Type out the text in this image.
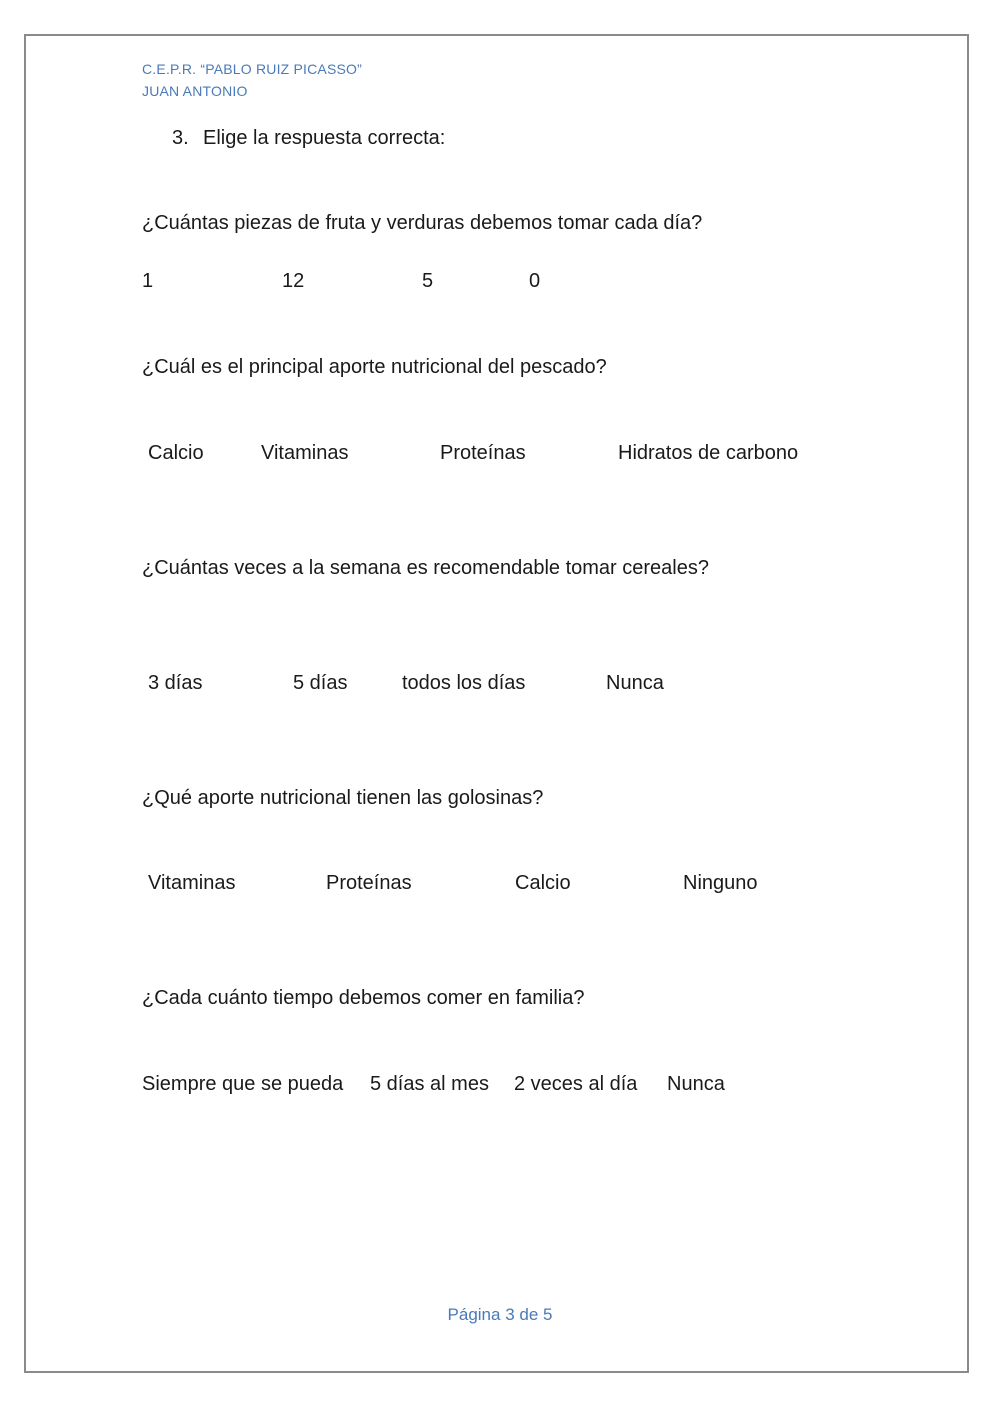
C.E.P.R. “PABLO RUIZ PICASSO”
JUAN ANTONIO
3. Elige la respuesta correcta:
¿Cuántas piezas de fruta y verduras debemos tomar cada día?
1	12	5	0
¿Cuál es el principal aporte nutricional del pescado?
Calcio	Vitaminas	Proteínas	Hidratos de carbono
¿Cuántas veces a la semana es recomendable tomar cereales?
3 días	5 días	todos los días	Nunca
¿Qué aporte nutricional tienen las golosinas?
Vitaminas	Proteínas	Calcio	Ninguno
¿Cada cuánto tiempo debemos comer en familia?
Siempre que se pueda 5 días al mes 2 veces al día Nunca
Página 3 de 5
